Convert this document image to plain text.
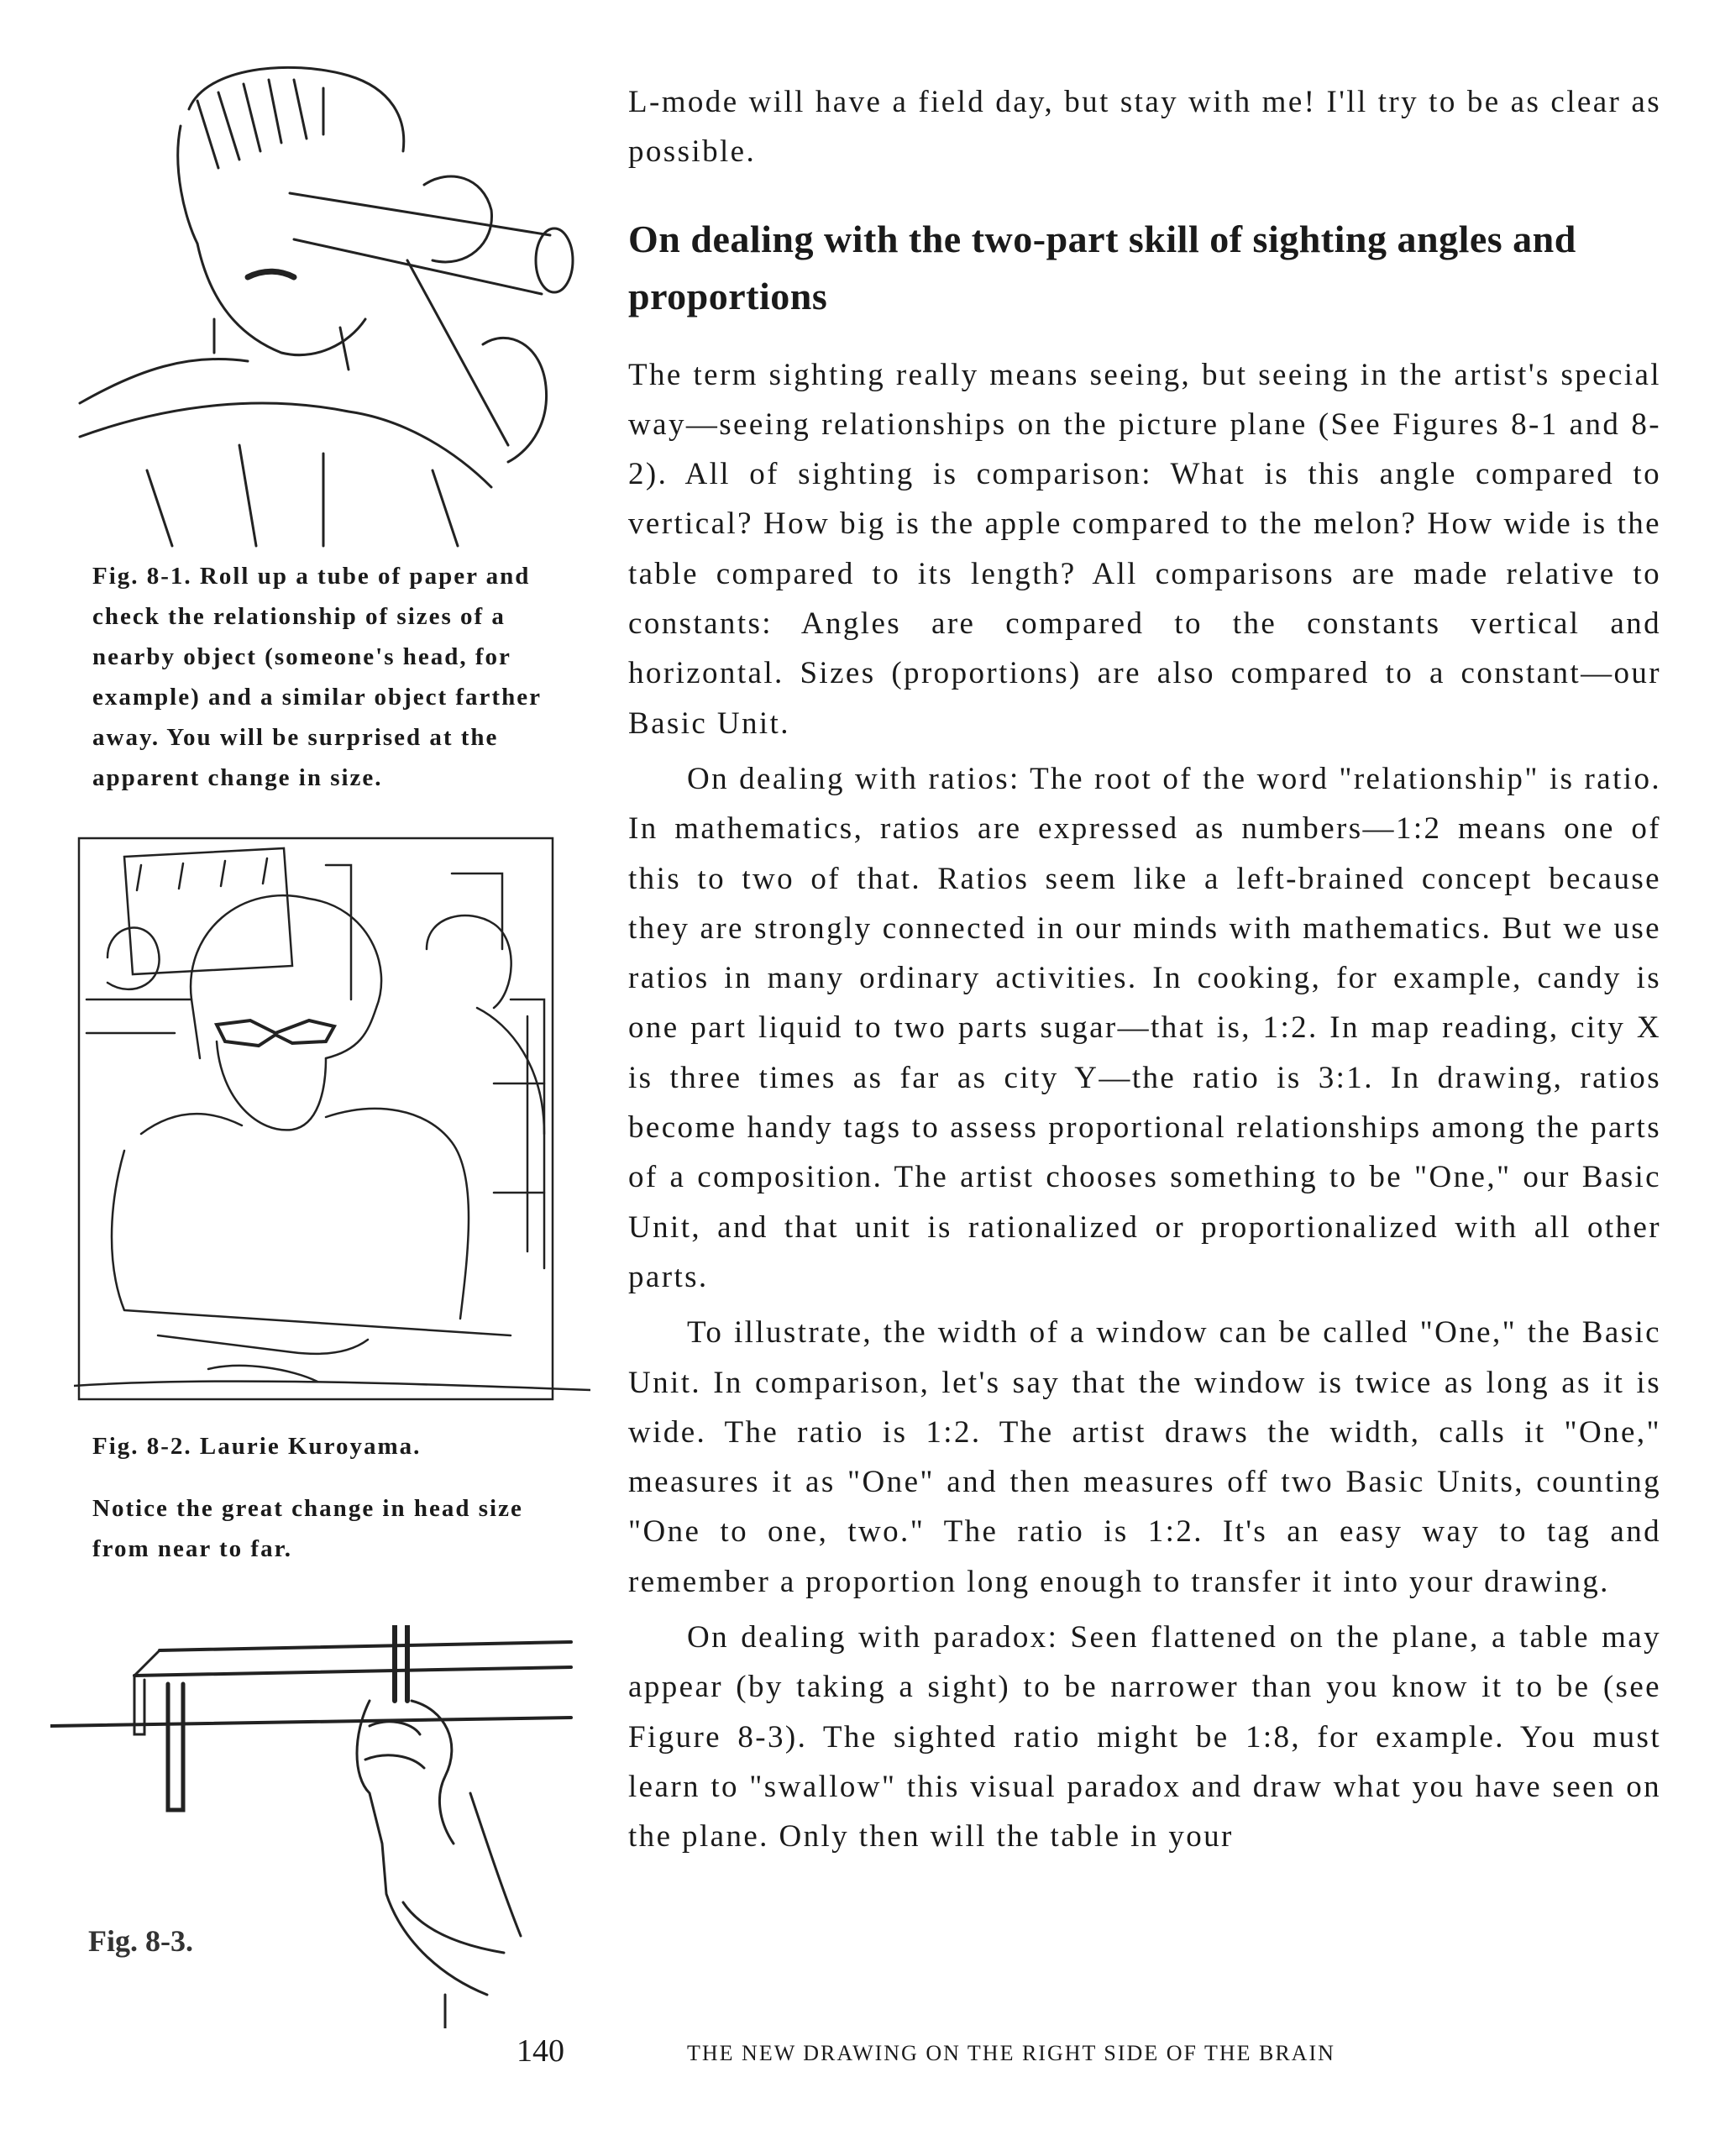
Fig. 8-1. Roll up a tube of paper and check the relationship of sizes of a nearby object (someone's head, for example) and a similar object farther away. You will be surprised at the apparent change in size.
Fig. 8-2. Laurie Kuroyama.
Notice the great change in head size from near to far.
Fig. 8-3.

L-mode will have a field day, but stay with me! I'll try to be as clear as possible.

On dealing with the two-part skill of sighting angles and proportions

The term sighting really means seeing, but seeing in the artist's special way—seeing relationships on the picture plane (See Figures 8-1 and 8-2). All of sighting is comparison: What is this angle compared to vertical? How big is the apple compared to the melon? How wide is the table compared to its length? All comparisons are made relative to constants: Angles are compared to the constants vertical and horizontal. Sizes (proportions) are also compared to a constant—our Basic Unit.

On dealing with ratios: The root of the word "relationship" is ratio. In mathematics, ratios are expressed as numbers—1:2 means one of this to two of that. Ratios seem like a left-brained concept because they are strongly connected in our minds with mathematics. But we use ratios in many ordinary activities. In cooking, for example, candy is one part liquid to two parts sugar—that is, 1:2. In map reading, city X is three times as far as city Y—the ratio is 3:1. In drawing, ratios become handy tags to assess proportional relationships among the parts of a composition. The artist chooses something to be "One," our Basic Unit, and that unit is rationalized or proportionalized with all other parts.

To illustrate, the width of a window can be called "One," the Basic Unit. In comparison, let's say that the window is twice as long as it is wide. The ratio is 1:2. The artist draws the width, calls it "One," measures it as "One" and then measures off two Basic Units, counting "One to one, two." The ratio is 1:2. It's an easy way to tag and remember a proportion long enough to transfer it into your drawing.

On dealing with paradox: Seen flattened on the plane, a table may appear (by taking a sight) to be narrower than you know it to be (see Figure 8-3). The sighted ratio might be 1:8, for example. You must learn to "swallow" this visual paradox and draw what you have seen on the plane. Only then will the table in your

140	THE NEW DRAWING ON THE RIGHT SIDE OF THE BRAIN
